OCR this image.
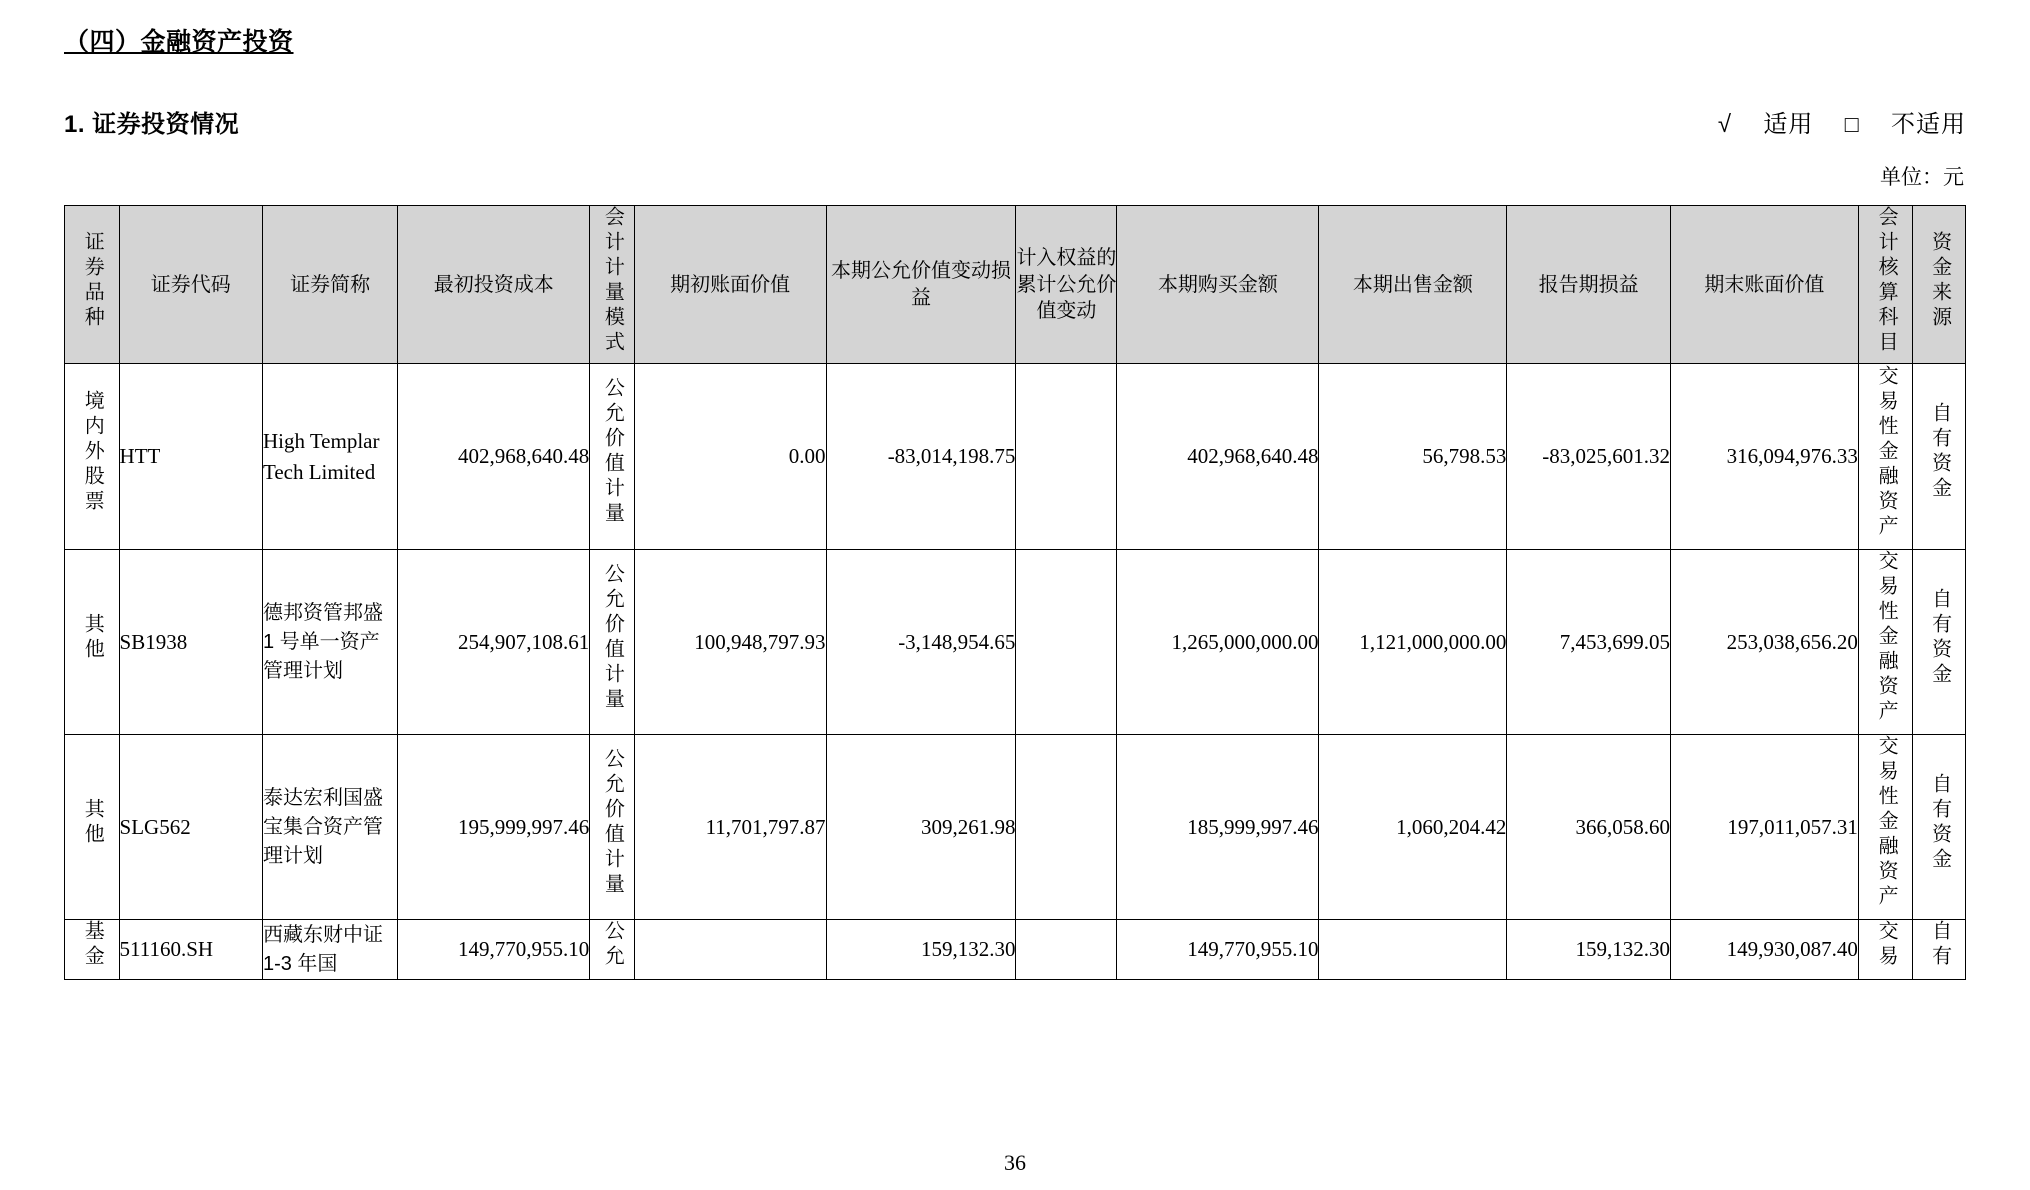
（四）金融资产投资
1. 证券投资情况	√ 适用 □ 不适用
单位：元
证券品种	证券代码	证券简称	最初投资成本	会计计量模式	期初账面价值	本期公允价值变动损益	计入权益的累计公允价值变动	本期购买金额	本期出售金额	报告期损益	期末账面价值	会计核算科目	资金来源
境内外股票	HTT	High Templar Tech Limited	402,968,640.48	公允价值计量	0.00	-83,014,198.75		402,968,640.48	56,798.53	-83,025,601.32	316,094,976.33	交易性金融资产	自有资金
其他	SB1938	德邦资管邦盛 1 号单一资产管理计划	254,907,108.61	公允价值计量	100,948,797.93	-3,148,954.65		1,265,000,000.00	1,121,000,000.00	7,453,699.05	253,038,656.20	交易性金融资产	自有资金
其他	SLG562	泰达宏利国盛宝集合资产管理计划	195,999,997.46	公允价值计量	11,701,797.87	309,261.98		185,999,997.46	1,060,204.42	366,058.60	197,011,057.31	交易性金融资产	自有资金
基金	511160.SH	西藏东财中证 1-3 年国	149,770,955.10	公允		159,132.30		149,770,955.10		159,132.30	149,930,087.40	交易	自有
36
